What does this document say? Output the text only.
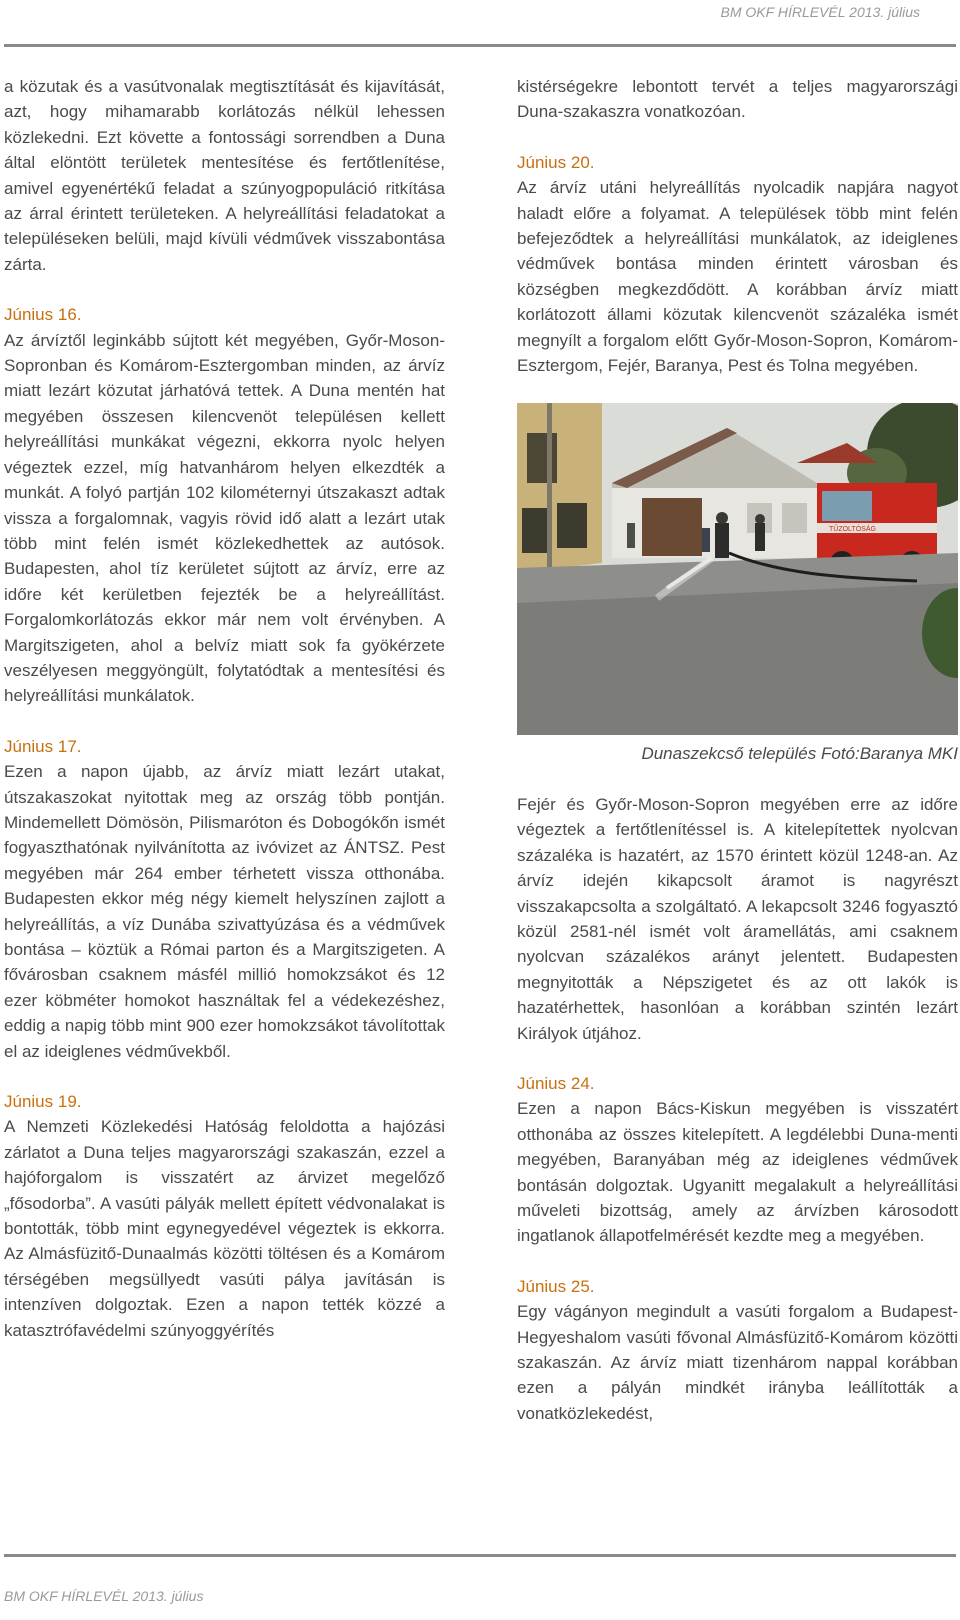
BM OKF HÍRLEVÉL 2013. július

a közutak és a vasútvonalak megtisztítását és kijavítását, azt, hogy mihamarabb korlátozás nélkül lehessen közlekedni. Ezt követte a fontossági sorrendben a Duna által elöntött területek mentesítése és fertőtlenítése, amivel egyenértékű feladat a szúnyogpopuláció ritkítása az árral érintett területeken. A helyreállítási feladatokat a településeken belüli, majd kívüli védművek visszabontása zárta.

Június 16.
Az árvíztől leginkább sújtott két megyében, Győr-Moson-Sopronban és Komárom-Esztergomban minden, az árvíz miatt lezárt közutat járhatóvá tettek. A Duna mentén hat megyében összesen kilencvenöt településen kellett helyreállítási munkákat végezni, ekkorra nyolc helyen végeztek ezzel, míg hatvanhárom helyen elkezdték a munkát. A folyó partján 102 kilométernyi útszakaszt adtak vissza a forgalomnak, vagyis rövid idő alatt a lezárt utak több mint felén ismét közlekedhettek az autósok. Budapesten, ahol tíz kerületet sújtott az árvíz, erre az időre két kerületben fejezték be a helyreállítást. Forgalomkorlátozás ekkor már nem volt érvényben. A Margitszigeten, ahol a belvíz miatt sok fa gyökérzete veszélyesen meggyöngült, folytatódtak a mentesítési és helyreállítási munkálatok.

Június 17.
Ezen a napon újabb, az árvíz miatt lezárt utakat, útszakaszokat nyitottak meg az ország több pontján. Mindemellett Dömösön, Pilismaróton és Dobogókőn ismét fogyaszthatónak nyilvánította az ivóvizet az ÁNTSZ. Pest megyében már 264 ember térhetett vissza otthonába. Budapesten ekkor még négy kiemelt helyszínen zajlott a helyreállítás, a víz Dunába szivattyúzása és a védművek bontása – köztük a Római parton és a Margitszigeten. A fővárosban csaknem másfél millió homokzsákot és 12 ezer köbméter homokot használtak fel a védekezéshez, eddig a napig több mint 900 ezer homokzsákot távolítottak el az ideiglenes védművekből.

Június 19.
A Nemzeti Közlekedési Hatóság feloldotta a hajózási zárlatot a Duna teljes magyarországi szakaszán, ezzel a hajóforgalom is visszatért az árvizet megelőző „fősodorba”. A vasúti pályák mellett épített védvonalakat is bontották, több mint egynegyedével végeztek is ekkorra. Az Almásfüzitő-Dunaalmás közötti töltésen és a Komárom térségében megsüllyedt vasúti pálya javításán is intenzíven dolgoztak. Ezen a napon tették közzé a katasztrófavédelmi szúnyoggyérítés

kistérségekre lebontott tervét a teljes magyarországi Duna-szakaszra vonatkozóan.

Június 20.
Az árvíz utáni helyreállítás nyolcadik napjára nagyot haladt előre a folyamat. A települések több mint felén befejeződtek a helyreállítási munkálatok, az ideiglenes védművek bontása minden érintett városban és községben megkezdődött. A korábban árvíz miatt korlátozott állami közutak kilencvenöt százaléka ismét megnyílt a forgalom előtt Győr-Moson-Sopron, Komárom-Esztergom, Fejér, Baranya, Pest és Tolna megyében.

TŰZOLTÓSÁG
Dunaszekcső település Fotó:Baranya MKI

Fejér és Győr-Moson-Sopron megyében erre az időre végeztek a fertőtlenítéssel is. A kitelepítettek nyolcvan százaléka is hazatért, az 1570 érintett közül 1248-an. Az árvíz idején kikapcsolt áramot is nagyrészt visszakapcsolta a szolgáltató. A lekapcsolt 3246 fogyasztó közül 2581-nél ismét volt áramellátás, ami csaknem nyolcvan százalékos arányt jelentett. Budapesten megnyitották a Népszigetet és az ott lakók is hazatérhettek, hasonlóan a korábban szintén lezárt Királyok útjához.

Június 24.
Ezen a napon Bács-Kiskun megyében is visszatért otthonába az összes kitelepített. A legdélebbi Duna-menti megyében, Baranyában még az ideiglenes védművek bontásán dolgoztak. Ugyanitt megalakult a helyreállítási műveleti bizottság, amely az árvízben károsodott ingatlanok állapotfelmérését kezdte meg a megyében.

Június 25.
Egy vágányon megindult a vasúti forgalom a Budapest-Hegyeshalom vasúti fővonal Almásfüzitő-Komárom közötti szakaszán. Az árvíz miatt tizenhárom nappal korábban ezen a pályán mindkét irányba leállították a vonatközlekedést,

BM OKF HÍRLEVÉL 2013. július
